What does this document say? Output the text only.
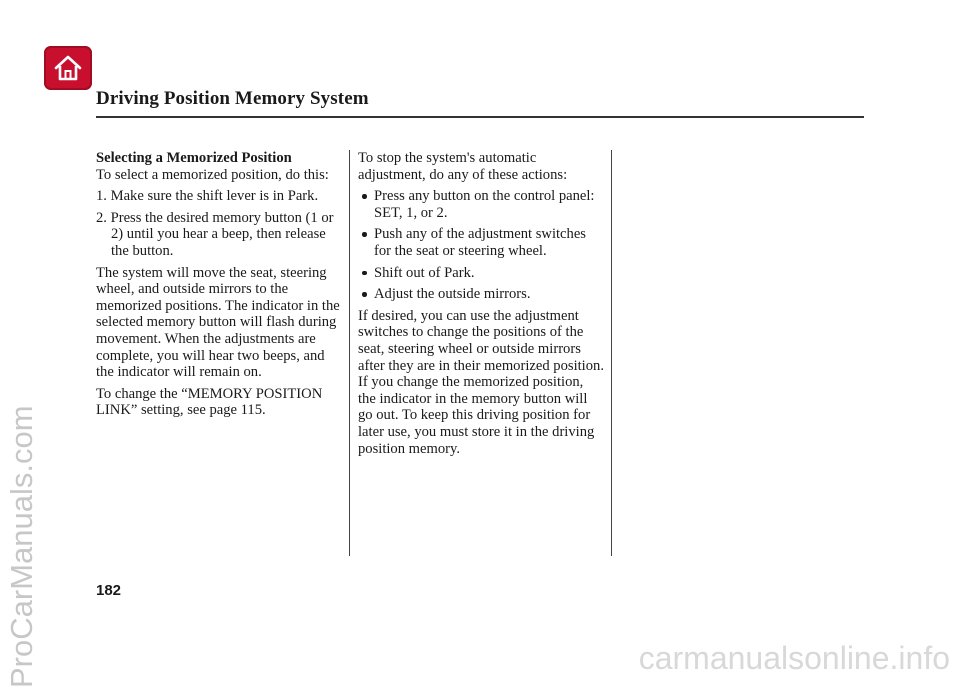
Driving Position Memory System

Selecting a Memorized Position

To select a memorized position, do this:

1. Make sure the shift lever is in Park.

2. Press the desired memory button (1 or 2) until you hear a beep, then release the button.

The system will move the seat, steering wheel, and outside mirrors to the memorized positions. The indicator in the selected memory button will flash during movement. When the adjustments are complete, you will hear two beeps, and the indicator will remain on.

To change the “MEMORY POSITION LINK” setting, see page 115.

To stop the system's automatic adjustment, do any of these actions:

Press any button on the control panel: SET, 1, or 2.

Push any of the adjustment switches for the seat or steering wheel.

Shift out of Park.

Adjust the outside mirrors.

If desired, you can use the adjustment switches to change the positions of the seat, steering wheel or outside mirrors after they are in their memorized position. If you change the memorized position, the indicator in the memory button will go out. To keep this driving position for later use, you must store it in the driving position memory.

182
ProCarManuals.com	carmanualsonline.info
